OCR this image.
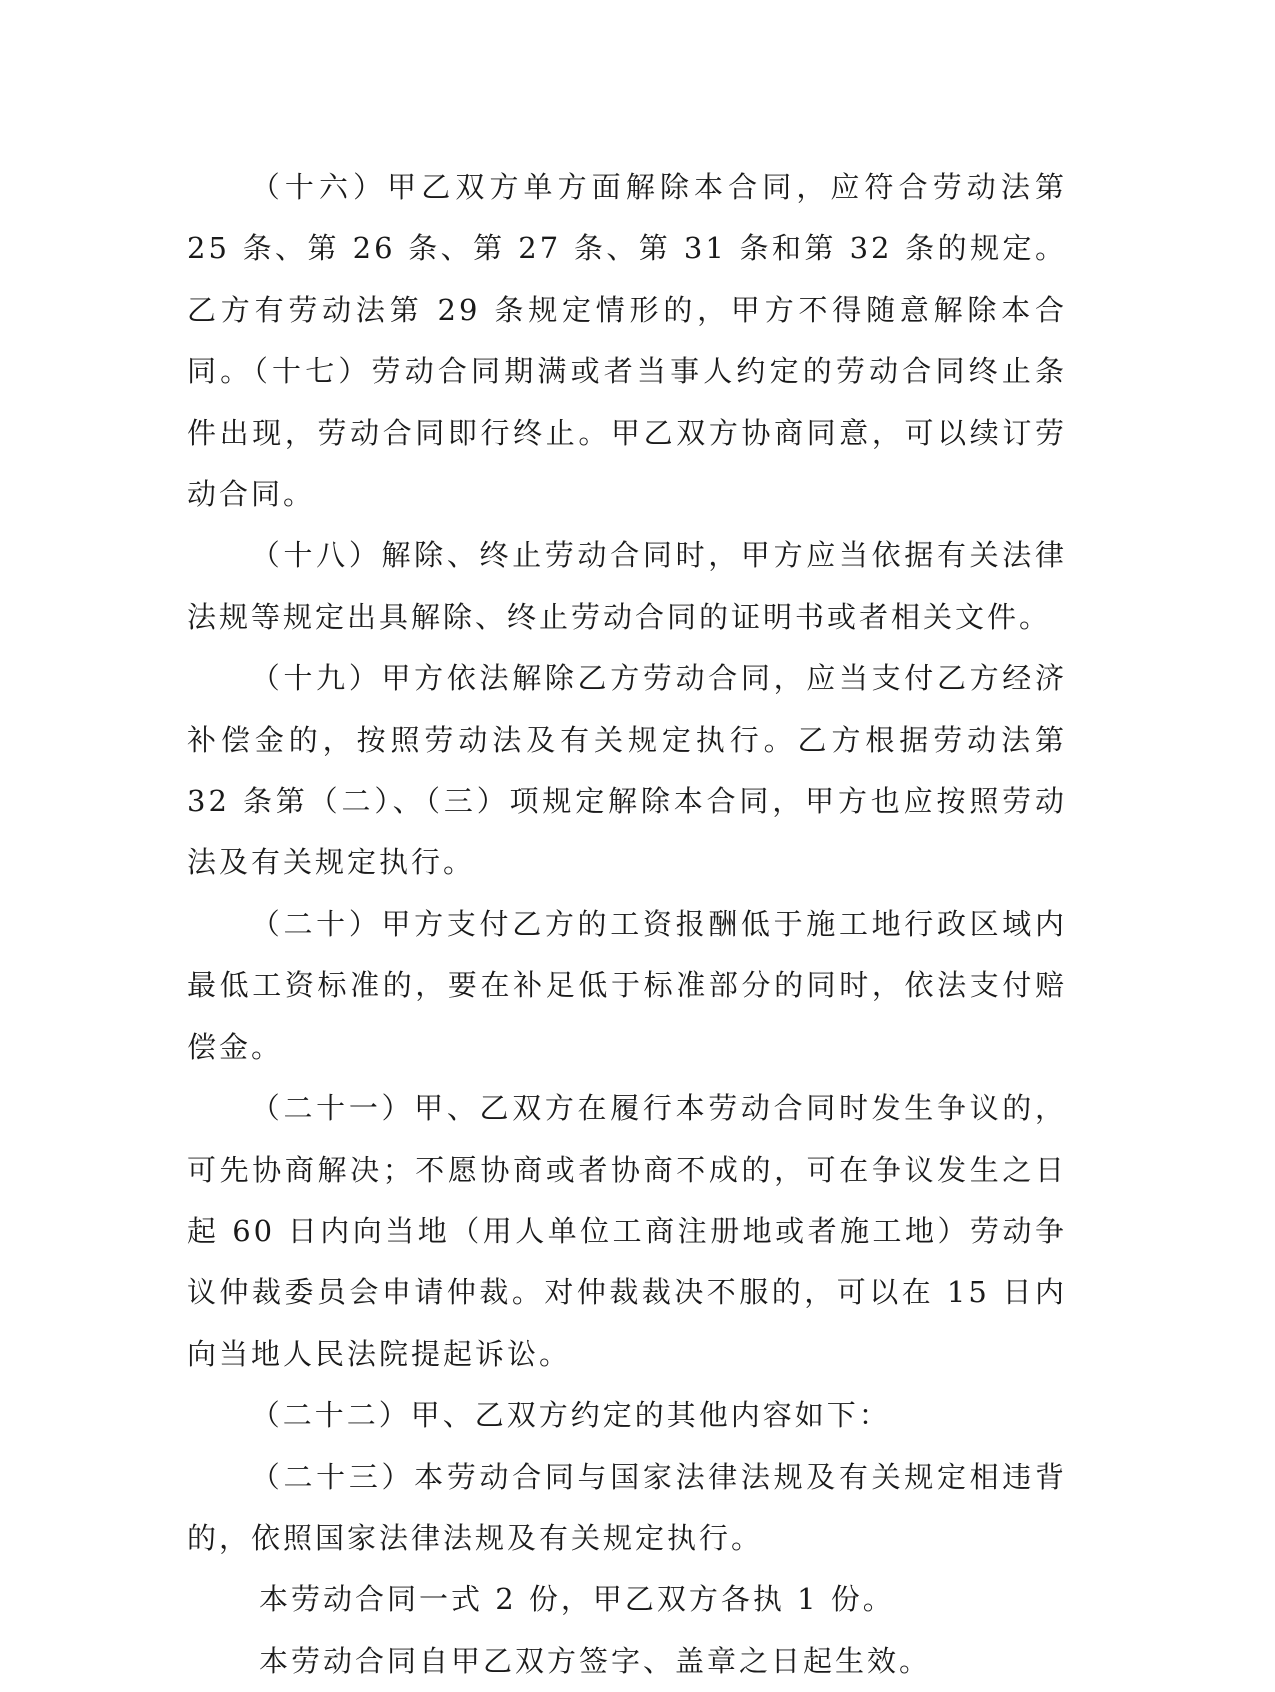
（十六）甲乙双方单方面解除本合同，应符合劳动法第 25 条、第 26 条、第 27 条、第 31 条和第 32 条的规定。乙方有劳动法第 29 条规定情形的，甲方不得随意解除本合同。（十七）劳动合同期满或者当事人约定的劳动合同终止条件出现，劳动合同即行终止。甲乙双方协商同意，可以续订劳动合同。

（十八）解除、终止劳动合同时，甲方应当依据有关法律法规等规定出具解除、终止劳动合同的证明书或者相关文件。

（十九）甲方依法解除乙方劳动合同，应当支付乙方经济补偿金的，按照劳动法及有关规定执行。乙方根据劳动法第 32 条第（二）、（三）项规定解除本合同，甲方也应按照劳动法及有关规定执行。

（二十）甲方支付乙方的工资报酬低于施工地行政区域内最低工资标准的，要在补足低于标准部分的同时，依法支付赔偿金。

（二十一）甲、乙双方在履行本劳动合同时发生争议的，可先协商解决；不愿协商或者协商不成的，可在争议发生之日起 60 日内向当地（用人单位工商注册地或者施工地）劳动争议仲裁委员会申请仲裁。对仲裁裁决不服的，可以在 15 日内向当地人民法院提起诉讼。

（二十二）甲、乙双方约定的其他内容如下：

（二十三）本劳动合同与国家法律法规及有关规定相违背的，依照国家法律法规及有关规定执行。

本劳动合同一式 2 份，甲乙双方各执 1 份。

本劳动合同自甲乙双方签字、盖章之日起生效。
